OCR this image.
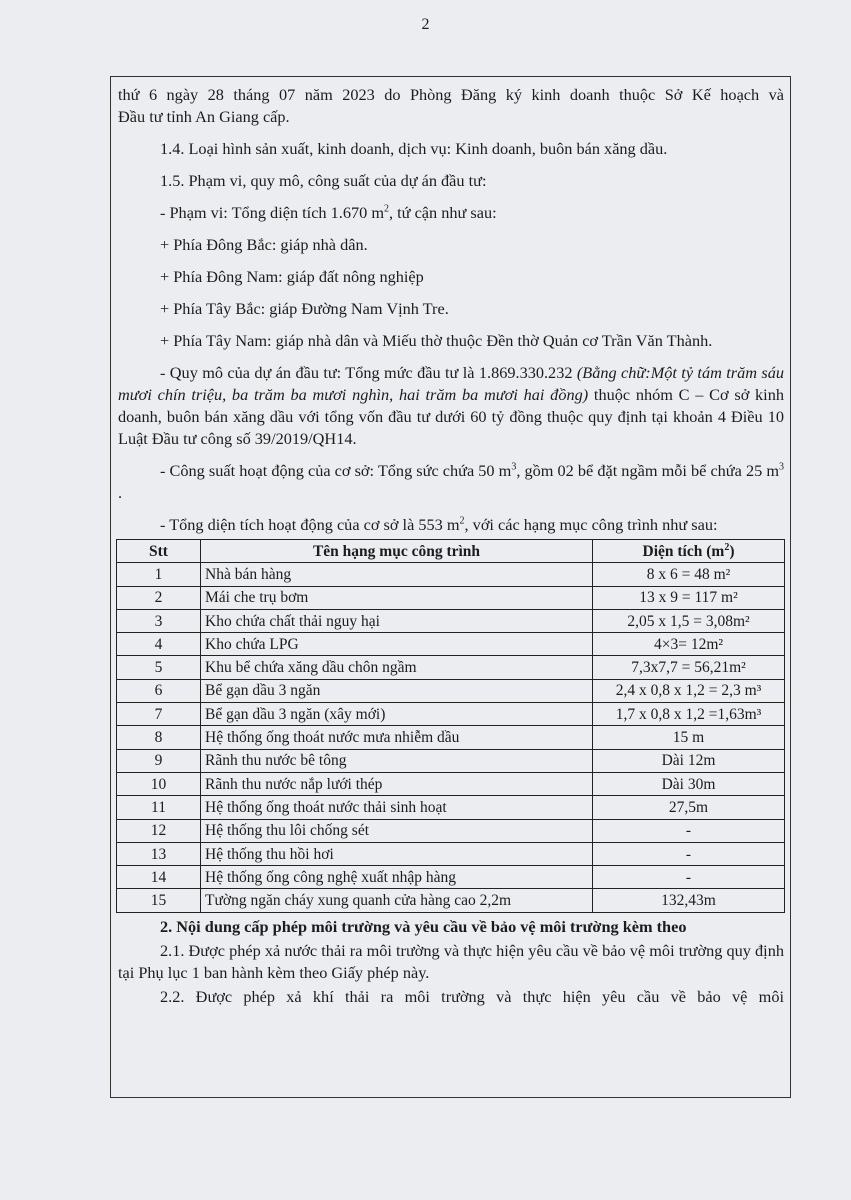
2

thứ 6 ngày 28 tháng 07 năm 2023 do Phòng Đăng ký kinh doanh thuộc Sở Kế hoạch và

Đầu tư tỉnh An Giang cấp.

1.4. Loại hình sản xuất, kinh doanh, dịch vụ: Kinh doanh, buôn bán xăng dầu.

1.5. Phạm vi, quy mô, công suất của dự án đầu tư:

- Phạm vi: Tổng diện tích 1.670 $m^2$, tứ cận như sau:

+ Phía Đông Bắc: giáp nhà dân.

+ Phía Đông Nam: giáp đất nông nghiệp

+ Phía Tây Bắc: giáp Đường Nam Vịnh Tre.

+ Phía Tây Nam: giáp nhà dân và Miếu thờ thuộc Đền thờ Quản cơ Trần Văn Thành.

- Quy mô của dự án đầu tư: Tổng mức đầu tư là 1.869.330.232 (Bằng chữ:Một tỷ tám trăm sáu mươi chín triệu, ba trăm ba mươi nghìn, hai trăm ba mươi hai đồng) thuộc nhóm C – Cơ sở kinh doanh, buôn bán xăng dầu với tổng vốn đầu tư dưới 60 tỷ đồng thuộc quy định tại khoản 4 Điều 10 Luật Đầu tư công số 39/2019/QH14.

- Công suất hoạt động của cơ sở: Tổng sức chứa 50 $m^3$, gồm 02 bể đặt ngầm mỗi bể chứa 25 $m^3$ .

- Tổng diện tích hoạt động của cơ sở là 553 $m^2$, với các hạng mục công trình như sau:

Stt	Tên hạng mục công trình	Diện tích $(m^2)$
1	Nhà bán hàng	8 x 6 = 48 m²
2	Mái che trụ bơm	13 x 9 = 117 m²
3	Kho chứa chất thải nguy hại	2,05 x 1,5 = 3,08m²
4	Kho chứa LPG	4×3= 12m²
5	Khu bể chứa xăng dầu chôn ngầm	7,3x7,7 = 56,21m²
6	Bể gạn dầu 3 ngăn	2,4 x 0,8 x 1,2 = 2,3 m³
7	Bể gạn dầu 3 ngăn (xây mới)	1,7 x 0,8 x 1,2 =1,63m³
8	Hệ thống ống thoát nước mưa nhiễm dầu	15 m
9	Rãnh thu nước bê tông	Dài 12m
10	Rãnh thu nước nắp lưới thép	Dài 30m
11	Hệ thống ống thoát nước thải sinh hoạt	27,5m
12	Hệ thống thu lôi chống sét	-
13	Hệ thống thu hồi hơi	-
14	Hệ thống ống công nghệ xuất nhập hàng	-
15	Tường ngăn cháy xung quanh cửa hàng cao 2,2m	132,43m

2. Nội dung cấp phép môi trường và yêu cầu về bảo vệ môi trường kèm theo

2.1. Được phép xả nước thải ra môi trường và thực hiện yêu cầu về bảo vệ môi trường quy định tại Phụ lục 1 ban hành kèm theo Giấy phép này.

2.2. Được phép xả khí thải ra môi trường và thực hiện yêu cầu về bảo vệ môi
